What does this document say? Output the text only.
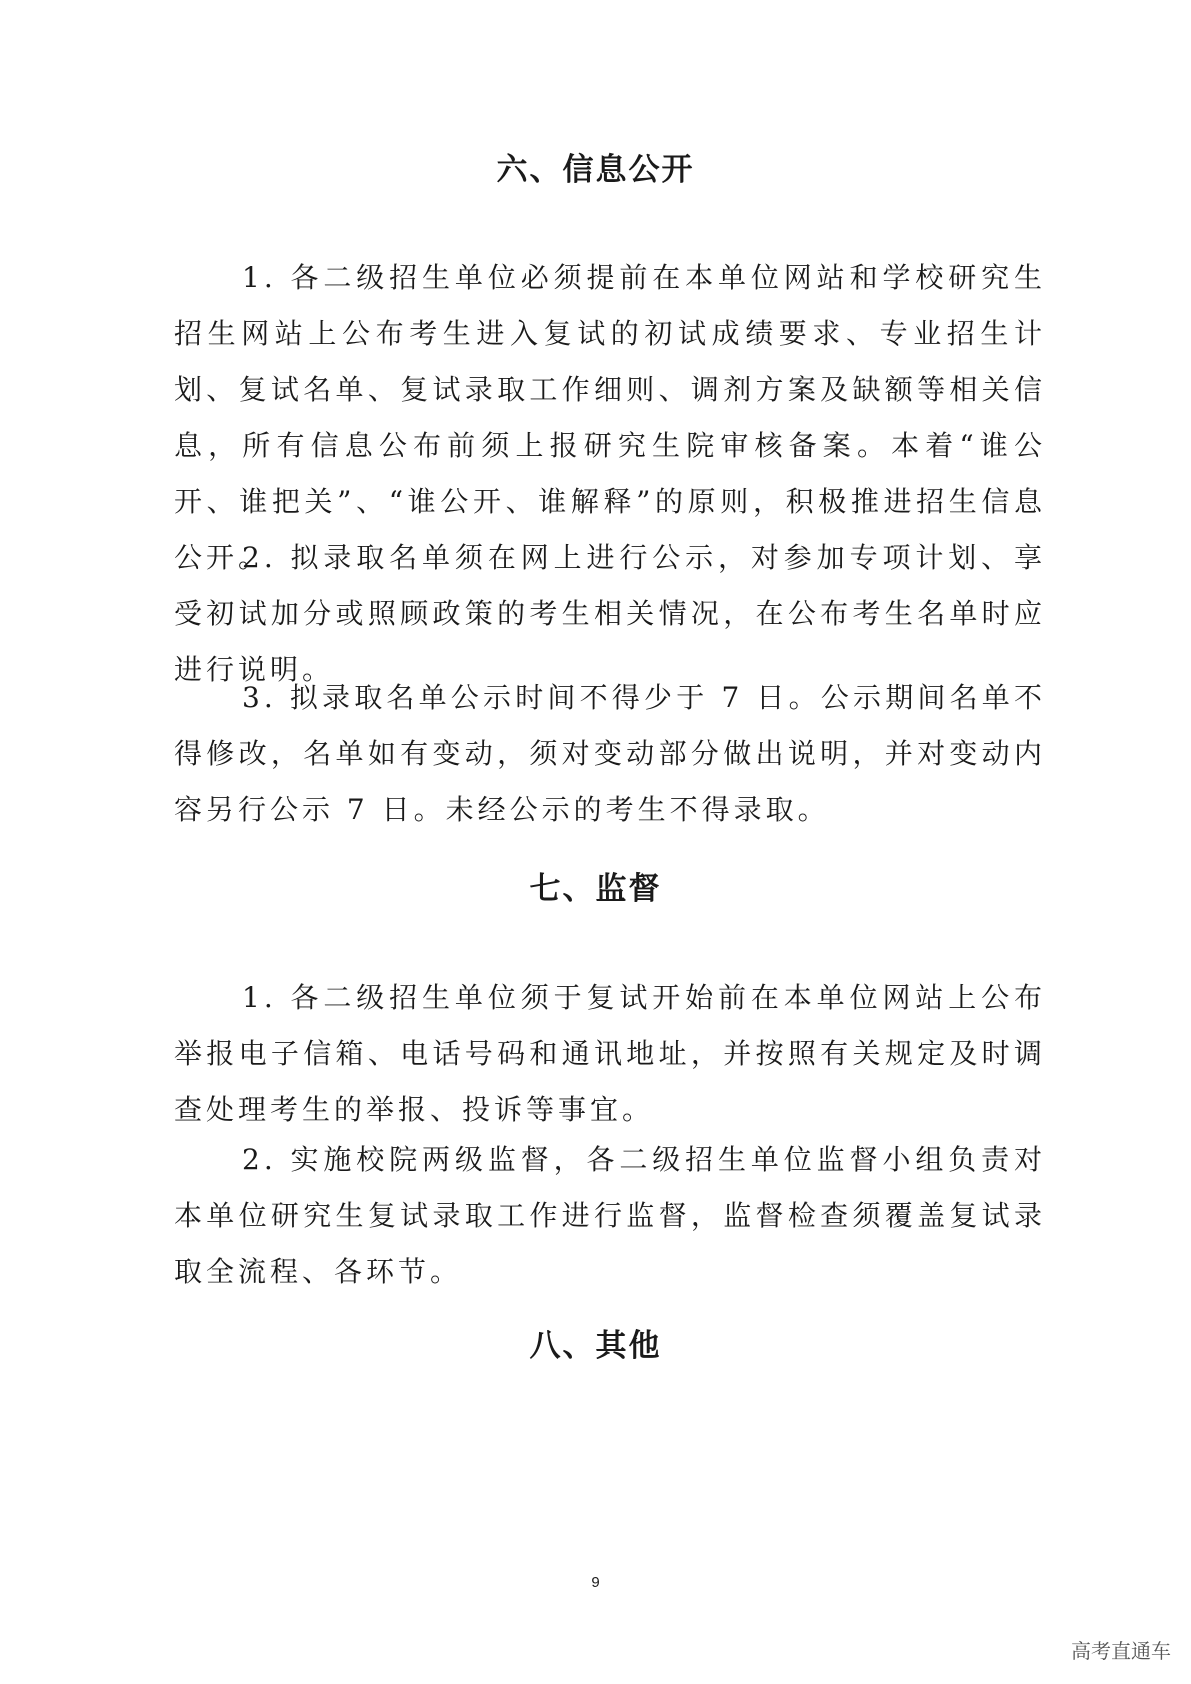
六、信息公开

1. 各二级招生单位必须提前在本单位网站和学校研究生招生网站上公布考生进入复试的初试成绩要求、专业招生计划、复试名单、复试录取工作细则、调剂方案及缺额等相关信息，所有信息公布前须上报研究生院审核备案。本着“谁公开、谁把关”、“谁公开、谁解释”的原则，积极推进招生信息公开。

2. 拟录取名单须在网上进行公示，对参加专项计划、享受初试加分或照顾政策的考生相关情况，在公布考生名单时应进行说明。

3. 拟录取名单公示时间不得少于 7 日。公示期间名单不得修改，名单如有变动，须对变动部分做出说明，并对变动内容另行公示 7 日。未经公示的考生不得录取。

七、监督

1. 各二级招生单位须于复试开始前在本单位网站上公布举报电子信箱、电话号码和通讯地址，并按照有关规定及时调查处理考生的举报、投诉等事宜。

2. 实施校院两级监督，各二级招生单位监督小组负责对本单位研究生复试录取工作进行监督，监督检查须覆盖复试录取全流程、各环节。

八、其他
9
高考直通车
